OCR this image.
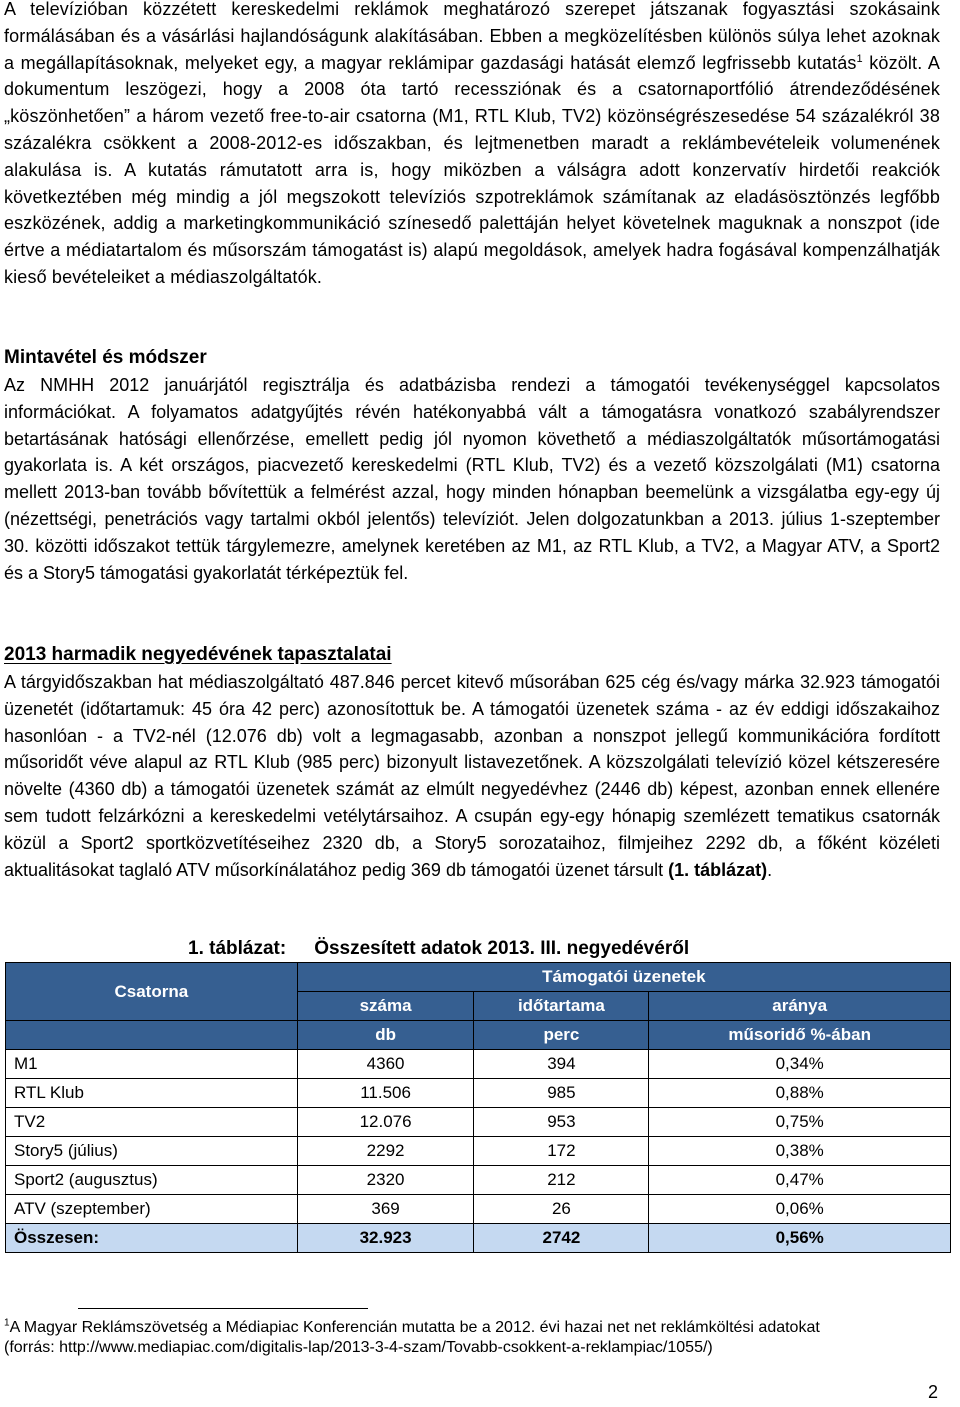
A televízióban közzétett kereskedelmi reklámok meghatározó szerepet játszanak fogyasztási szokásaink formálásában és a vásárlási hajlandóságunk alakításában. Ebben a megközelítésben különös súlya lehet azoknak a megállapításoknak, melyeket egy, a magyar reklámipar gazdasági hatását elemző legfrissebb kutatás$^1$ közölt. A dokumentum leszögezi, hogy a 2008 óta tartó recessziónak és a csatornaportfólió átrendeződésének „köszönhetően” a három vezető free-to-air csatorna (M1, RTL Klub, TV2) közönségrészesedése 54 százalékról 38 százalékra csökkent a 2008-2012-es időszakban, és lejtmenetben maradt a reklámbevételeik volumenének alakulása is. A kutatás rámutatott arra is, hogy miközben a válságra adott konzervatív hirdetői reakciók következtében még mindig a jól megszokott televíziós szpotreklámok számítanak az eladásösztönzés legfőbb eszközének, addig a marketingkommunikáció színesedő palettáján helyet követelnek maguknak a nonszpot (ide értve a médiatartalom és műsorszám támogatást is) alapú megoldások, amelyek hadra fogásával kompenzálhatják kieső bevételeiket a médiaszolgáltatók.

Mintavétel és módszer

Az NMHH 2012 januárjától regisztrálja és adatbázisba rendezi a támogatói tevékenységgel kapcsolatos információkat. A folyamatos adatgyűjtés révén hatékonyabbá vált a támogatásra vonatkozó szabályrendszer betartásának hatósági ellenőrzése, emellett pedig jól nyomon követhető a médiaszolgáltatók műsortámogatási gyakorlata is. A két országos, piacvezető kereskedelmi (RTL Klub, TV2) és a vezető közszolgálati (M1) csatorna mellett 2013-ban tovább bővítettük a felmérést azzal, hogy minden hónapban beemelünk a vizsgálatba egy-egy új (nézettségi, penetrációs vagy tartalmi okból jelentős) televíziót. Jelen dolgozatunkban a 2013. július 1-szeptember 30. közötti időszakot tettük tárgylemezre, amelynek keretében az M1, az RTL Klub, a TV2, a Magyar ATV, a Sport2 és a Story5 támogatási gyakorlatát térképeztük fel.

2013 harmadik negyedévének tapasztalatai

A tárgyidőszakban hat médiaszolgáltató 487.846 percet kitevő műsorában 625 cég és/vagy márka 32.923 támogatói üzenetét (időtartamuk: 45 óra 42 perc) azonosítottuk be. A támogatói üzenetek száma - az év eddigi időszakaihoz hasonlóan - a TV2-nél (12.076 db) volt a legmagasabb, azonban a nonszpot jellegű kommunikációra fordított műsoridőt véve alapul az RTL Klub (985 perc) bizonyult listavezetőnek. A közszolgálati televízió közel kétszeresére növelte (4360 db) a támogatói üzenetek számát az elmúlt negyedévhez (2446 db) képest, azonban ennek ellenére sem tudott felzárkózni a kereskedelmi vetélytársaihoz. A csupán egy-egy hónapig szemlézett tematikus csatornák közül a Sport2 sportközvetítéseihez 2320 db, a Story5 sorozataihoz, filmjeihez 2292 db, a főként közéleti aktualitásokat taglaló ATV műsorkínálatához pedig 369 db támogatói üzenet társult (1. táblázat).

1. táblázat: Összesített adatok 2013. III. negyedévéről
Csatorna	Támogatói üzenetek		
	száma	időtartama	aránya
	db	perc	műsoridő %-ában
M1	4360	394	0,34%
RTL Klub	11.506	985	0,88%
TV2	12.076	953	0,75%
Story5 (július)	2292	172	0,38%
Sport2 (augusztus)	2320	212	0,47%
ATV (szeptember)	369	26	0,06%
Összesen:	32.923	2742	0,56%
$^1$A Magyar Reklámszövetség a Médiapiac Konferencián mutatta be a 2012. évi hazai net net reklámköltési adatokat
(forrás: http://www.mediapiac.com/digitalis-lap/2013-3-4-szam/Tovabb-csokkent-a-reklampiac/1055/)
2
